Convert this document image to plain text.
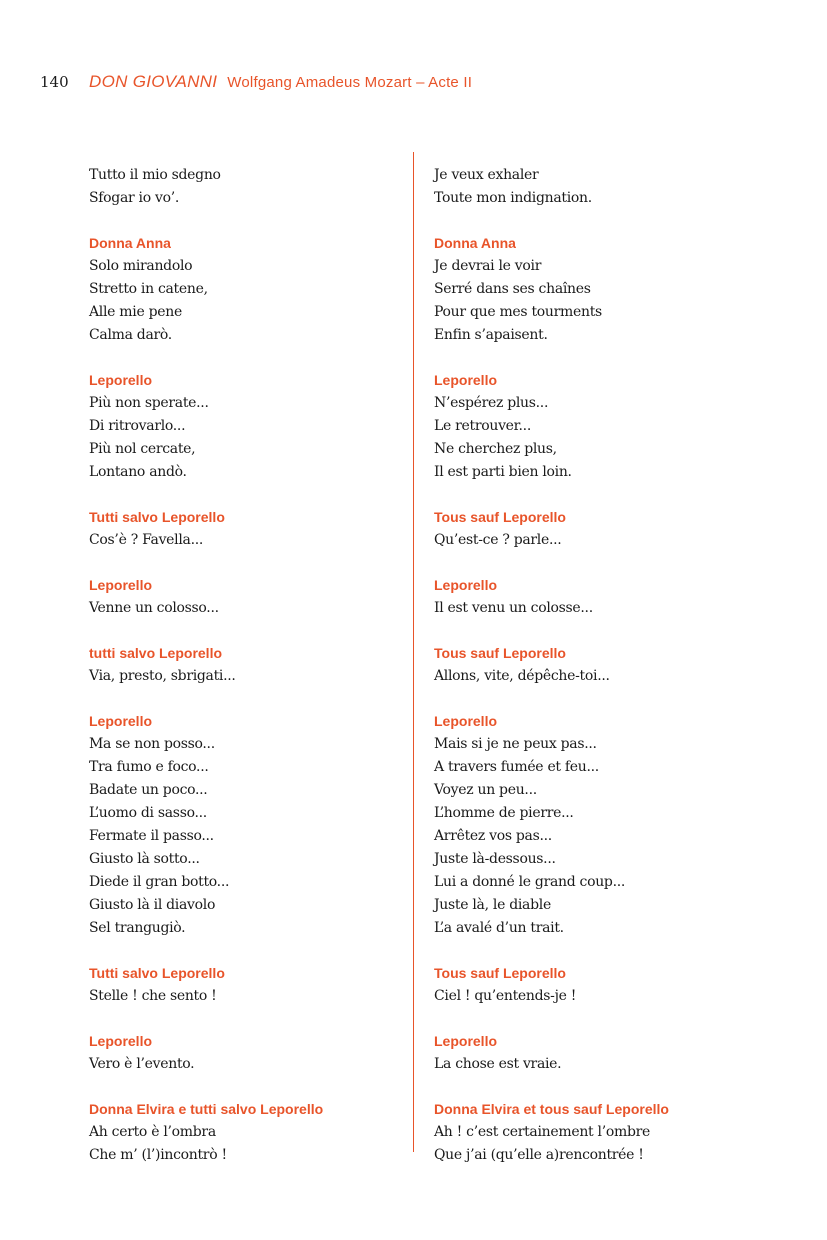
140	DON GIOVANNI Wolfgang Amadeus Mozart – Acte II
Tutto il mio sdegno
Sfogar io vo’.
Donna Anna
Solo mirandolo
Stretto in catene,
Alle mie pene
Calma darò.
Leporello
Più non sperate...
Di ritrovarlo...
Più nol cercate,
Lontano andò.
Tutti salvo Leporello
Cos’è ? Favella...
Leporello
Venne un colosso...
tutti salvo Leporello
Via, presto, sbrigati...
Leporello
Ma se non posso...
Tra fumo e foco...
Badate un poco...
L’uomo di sasso...
Fermate il passo...
Giusto là sotto...
Diede il gran botto...
Giusto là il diavolo
Sel trangugiò.
Tutti salvo Leporello
Stelle ! che sento !
Leporello
Vero è l’evento.
Donna Elvira e tutti salvo Leporello
Ah certo è l’ombra
Che m’ (l’)incontrò !
Je veux exhaler
Toute mon indignation.
Donna Anna
Je devrai le voir
Serré dans ses chaînes
Pour que mes tourments
Enfin s’apaisent.
Leporello
N’espérez plus...
Le retrouver...
Ne cherchez plus,
Il est parti bien loin.
Tous sauf Leporello
Qu’est-ce ? parle...
Leporello
Il est venu un colosse...
Tous sauf Leporello
Allons, vite, dépêche-toi...
Leporello
Mais si je ne peux pas...
A travers fumée et feu...
Voyez un peu...
L’homme de pierre...
Arrêtez vos pas...
Juste là-dessous...
Lui a donné le grand coup...
Juste là, le diable
L’a avalé d’un trait.
Tous sauf Leporello
Ciel ! qu’entends-je !
Leporello
La chose est vraie.
Donna Elvira et tous sauf Leporello
Ah ! c’est certainement l’ombre
Que j’ai (qu’elle a)rencontrée !
